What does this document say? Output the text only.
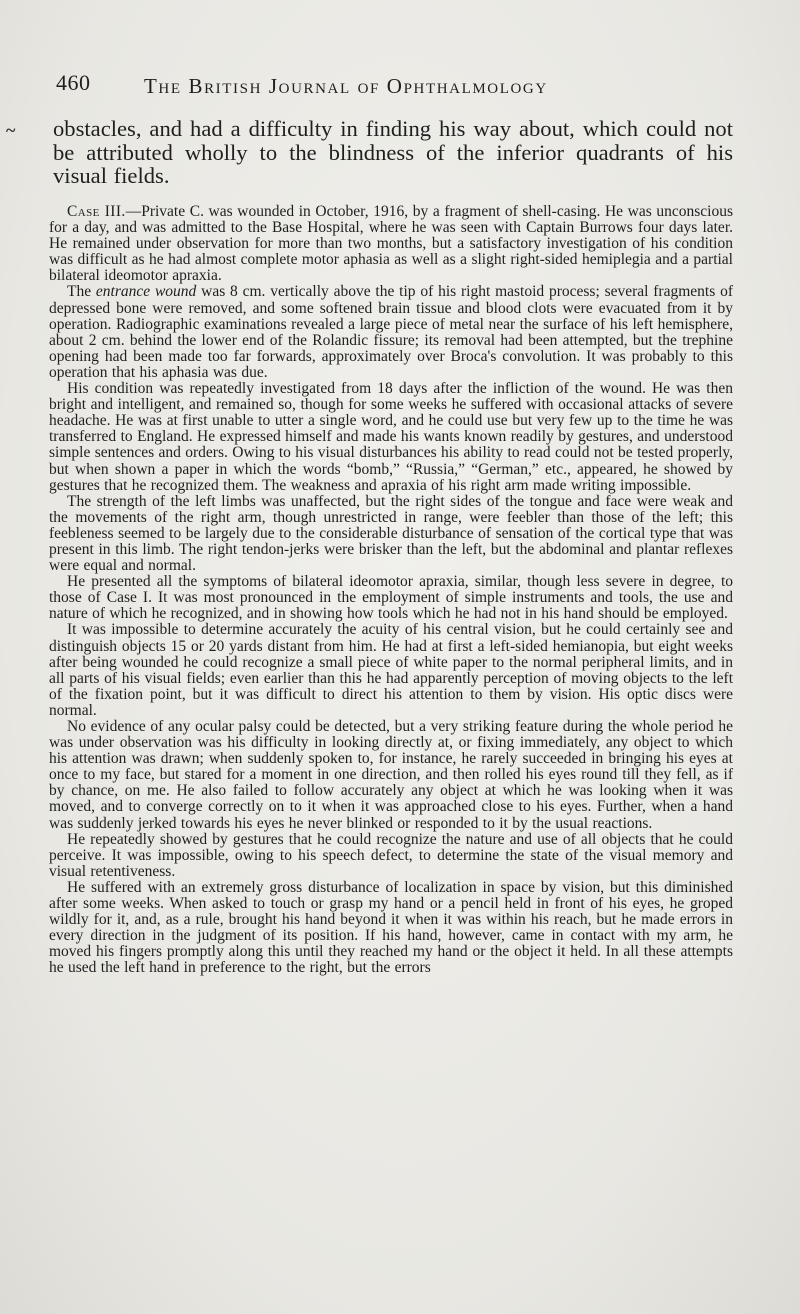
460	The British Journal of Ophthalmology
~ obstacles, and had a difficulty in finding his way about, which could not be attributed wholly to the blindness of the inferior quadrants of his visual fields.

Case III.—Private C. was wounded in October, 1916, by a fragment of shell-casing. He was unconscious for a day, and was admitted to the Base Hospital, where he was seen with Captain Burrows four days later. He remained under observation for more than two months, but a satisfactory investigation of his condition was difficult as he had almost complete motor aphasia as well as a slight right-sided hemiplegia and a partial bilateral ideomotor apraxia.

The entrance wound was 8 cm. vertically above the tip of his right mastoid process; several fragments of depressed bone were removed, and some softened brain tissue and blood clots were evacuated from it by operation. Radiographic examinations revealed a large piece of metal near the surface of his left hemisphere, about 2 cm. behind the lower end of the Rolandic fissure; its removal had been attempted, but the trephine opening had been made too far forwards, approximately over Broca's convolution. It was probably to this operation that his aphasia was due.

His condition was repeatedly investigated from 18 days after the infliction of the wound. He was then bright and intelligent, and remained so, though for some weeks he suffered with occasional attacks of severe headache. He was at first unable to utter a single word, and he could use but very few up to the time he was transferred to England. He expressed himself and made his wants known readily by gestures, and understood simple sentences and orders. Owing to his visual disturbances his ability to read could not be tested properly, but when shown a paper in which the words “bomb,” “Russia,” “German,” etc., appeared, he showed by gestures that he recognized them. The weakness and apraxia of his right arm made writing impossible.

The strength of the left limbs was unaffected, but the right sides of the tongue and face were weak and the movements of the right arm, though unrestricted in range, were feebler than those of the left; this feebleness seemed to be largely due to the considerable disturbance of sensation of the cortical type that was present in this limb. The right tendon-jerks were brisker than the left, but the abdominal and plantar reflexes were equal and normal.

He presented all the symptoms of bilateral ideomotor apraxia, similar, though less severe in degree, to those of Case I. It was most pronounced in the employment of simple instruments and tools, the use and nature of which he recognized, and in showing how tools which he had not in his hand should be employed.

It was impossible to determine accurately the acuity of his central vision, but he could certainly see and distinguish objects 15 or 20 yards distant from him. He had at first a left-sided hemianopia, but eight weeks after being wounded he could recognize a small piece of white paper to the normal peripheral limits, and in all parts of his visual fields; even earlier than this he had apparently perception of moving objects to the left of the fixation point, but it was difficult to direct his attention to them by vision. His optic discs were normal.

No evidence of any ocular palsy could be detected, but a very striking feature during the whole period he was under observation was his difficulty in looking directly at, or fixing immediately, any object to which his attention was drawn; when suddenly spoken to, for instance, he rarely succeeded in bringing his eyes at once to my face, but stared for a moment in one direction, and then rolled his eyes round till they fell, as if by chance, on me. He also failed to follow accurately any object at which he was looking when it was moved, and to converge correctly on to it when it was approached close to his eyes. Further, when a hand was suddenly jerked towards his eyes he never blinked or responded to it by the usual reactions.

He repeatedly showed by gestures that he could recognize the nature and use of all objects that he could perceive. It was impossible, owing to his speech defect, to determine the state of the visual memory and visual retentiveness.

He suffered with an extremely gross disturbance of localization in space by vision, but this diminished after some weeks. When asked to touch or grasp my hand or a pencil held in front of his eyes, he groped wildly for it, and, as a rule, brought his hand beyond it when it was within his reach, but he made errors in every direction in the judgment of its position. If his hand, however, came in contact with my arm, he moved his fingers promptly along this until they reached my hand or the object it held. In all these attempts he used the left hand in preference to the right, but the errors
